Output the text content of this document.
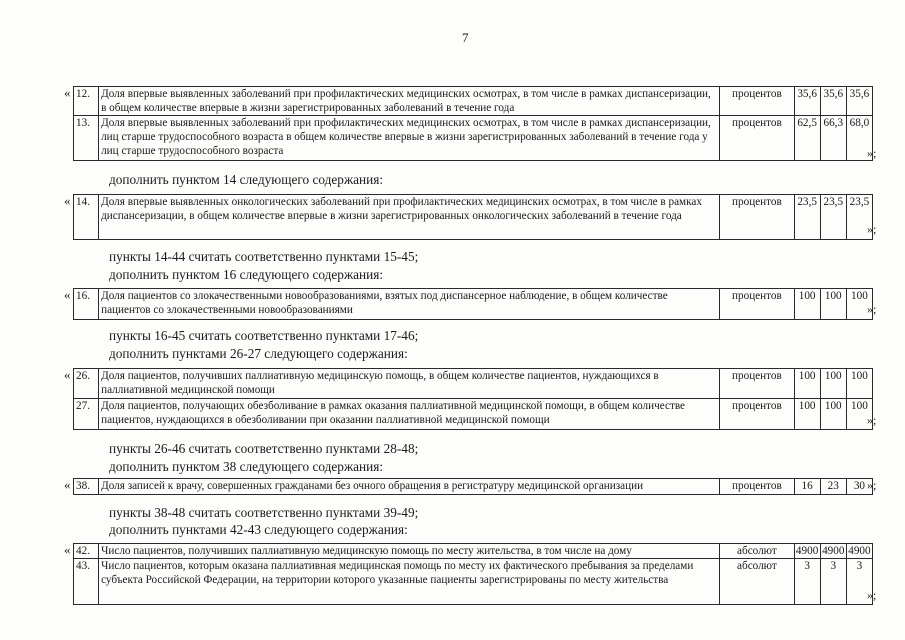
7
« 12.	Доля впервые выявленных заболеваний при профилактических медицинских осмотрах, в том числе в рамках диспансеризации, в общем количестве впервые в жизни зарегистрированных заболеваний в течение года	процентов	35,6	35,6	35,6
13.	Доля впервые выявленных заболеваний при профилактических медицинских осмотрах, в том числе в рамках диспансеризации, лиц старше трудоспособного возраста в общем количестве впервые в жизни зарегистрированных заболеваний в течение года у лиц старше трудоспособного возраста	процентов	62,5	66,3	68,0
»;
дополнить пунктом 14 следующего содержания:
« 14.	Доля впервые выявленных онкологических заболеваний при профилактических медицинских осмотрах, в том числе в рамках диспансеризации, в общем количестве впервые в жизни зарегистрированных онкологических заболеваний в течение года	процентов	23,5	23,5	23,5
»;
пункты 14-44 считать соответственно пунктами 15-45;
дополнить пунктом 16 следующего содержания:
« 16.	Доля пациентов со злокачественными новообразованиями, взятых под диспансерное наблюдение, в общем количестве пациентов со злокачественными новообразованиями	процентов	100	100	100
»;
пункты 16-45 считать соответственно пунктами 17-46;
дополнить пунктами 26-27 следующего содержания:
« 26.	Доля пациентов, получивших паллиативную медицинскую помощь, в общем количестве пациентов, нуждающихся в паллиативной медицинской помощи	процентов	100	100	100
27.	Доля пациентов, получающих обезболивание в рамках оказания паллиативной медицинской помощи, в общем количестве пациентов, нуждающихся в обезболивании при оказании паллиативной медицинской помощи	процентов	100	100	100
»;
пункты 26-46 считать соответственно пунктами 28-48;
дополнить пунктом 38 следующего содержания:
« 38.	Доля записей к врачу, совершенных гражданами без очного обращения в регистратуру медицинской организации	процентов	16	23	30 »;
пункты 38-48 считать соответственно пунктами 39-49;
дополнить пунктами 42-43 следующего содержания:
« 42.	Число пациентов, получивших паллиативную медицинскую помощь по месту жительства, в том числе на дому	абсолют	4900	4900	4900
43.	Число пациентов, которым оказана паллиативная медицинская помощь по месту их фактического пребывания за пределами субъекта Российской Федерации, на территории которого указанные пациенты зарегистрированы по месту жительства	абсолют	3	3	3
»;
